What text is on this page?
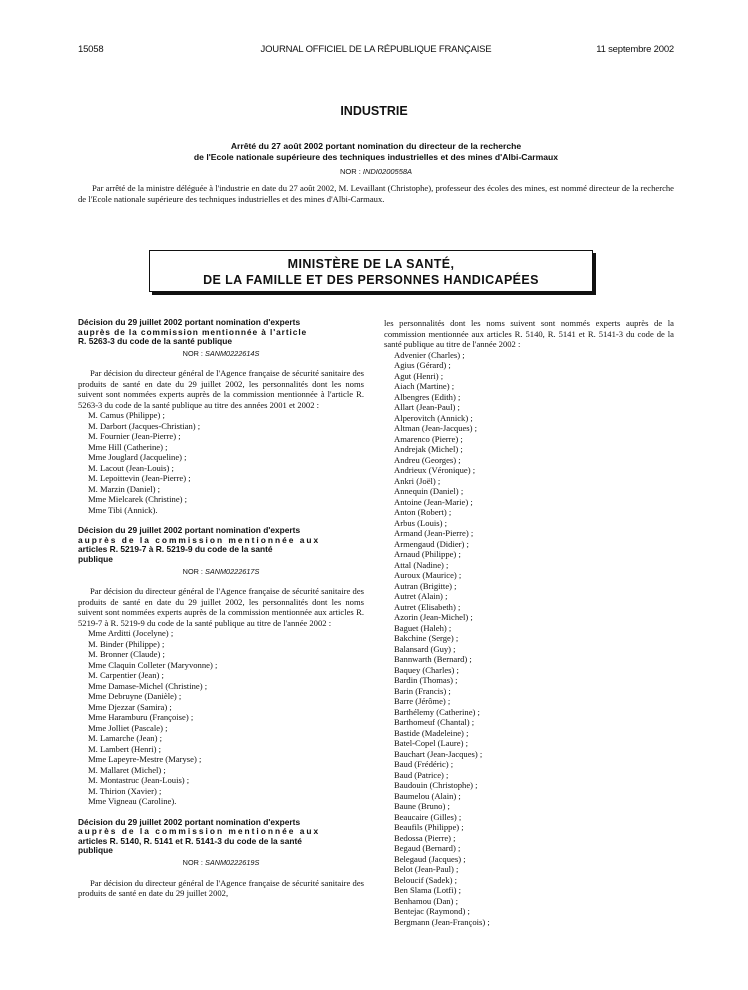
15058	JOURNAL OFFICIEL DE LA RÉPUBLIQUE FRANÇAISE	11 septembre 2002
INDUSTRIE
Arrêté du 27 août 2002 portant nomination du directeur de la recherche
de l'Ecole nationale supérieure des techniques industrielles et des mines d'Albi-Carmaux
NOR : INDI0200558A

Par arrêté de la ministre déléguée à l'industrie en date du 27 août 2002, M. Levaillant (Christophe), professeur des écoles des mines, est nommé directeur de la recherche de l'Ecole nationale supérieure des techniques industrielles et des mines d'Albi-Carmaux.

MINISTÈRE DE LA SANTÉ,
DE LA FAMILLE ET DES PERSONNES HANDICAPÉES
Décision du 29 juillet 2002 portant nomination d'experts
auprès de la commission mentionnée à l'article
R. 5263-3 du code de la santé publique
NOR : SANM0222614S

Par décision du directeur général de l'Agence française de sécurité sanitaire des produits de santé en date du 29 juillet 2002, les personnalités dont les noms suivent sont nommées experts auprès de la commission mentionnée à l'article R. 5263-3 du code de la santé publique au titre des années 2001 et 2002 :

M. Camus (Philippe) ;
M. Darbort (Jacques-Christian) ;
M. Fournier (Jean-Pierre) ;
Mme Hill (Catherine) ;
Mme Jouglard (Jacqueline) ;
M. Lacout (Jean-Louis) ;
M. Lepoittevin (Jean-Pierre) ;
M. Marzin (Daniel) ;
Mme Mielcarek (Christine) ;
Mme Tibi (Annick).
Décision du 29 juillet 2002 portant nomination d'experts
auprès de la commission mentionnée aux
articles R. 5219-7 à R. 5219-9 du code de la santé
publique
NOR : SANM0222617S

Par décision du directeur général de l'Agence française de sécurité sanitaire des produits de santé en date du 29 juillet 2002, les personnalités dont les noms suivent sont nommées experts auprès de la commission mentionnée aux articles R. 5219-7 à R. 5219-9 du code de la santé publique au titre de l'année 2002 :

Mme Arditti (Jocelyne) ;
M. Binder (Philippe) ;
M. Bronner (Claude) ;
Mme Claquin Colleter (Maryvonne) ;
M. Carpentier (Jean) ;
Mme Damase-Michel (Christine) ;
Mme Debruyne (Danièle) ;
Mme Djezzar (Samira) ;
Mme Haramburu (Françoise) ;
Mme Jolliet (Pascale) ;
M. Lamarche (Jean) ;
M. Lambert (Henri) ;
Mme Lapeyre-Mestre (Maryse) ;
M. Mallaret (Michel) ;
M. Montastruc (Jean-Louis) ;
M. Thirion (Xavier) ;
Mme Vigneau (Caroline).
Décision du 29 juillet 2002 portant nomination d'experts
auprès de la commission mentionnée aux
articles R. 5140, R. 5141 et R. 5141-3 du code de la santé
publique
NOR : SANM0222619S

Par décision du directeur général de l'Agence française de sécurité sanitaire des produits de santé en date du 29 juillet 2002,

les personnalités dont les noms suivent sont nommés experts auprès de la commission mentionnée aux articles R. 5140, R. 5141 et R. 5141-3 du code de la santé publique au titre de l'année 2002 :

Advenier (Charles) ;
Agius (Gérard) ;
Agut (Henri) ;
Aiach (Martine) ;
Albengres (Edith) ;
Allart (Jean-Paul) ;
Alperovitch (Annick) ;
Altman (Jean-Jacques) ;
Amarenco (Pierre) ;
Andrejak (Michel) ;
Andreu (Georges) ;
Andrieux (Véronique) ;
Ankri (Joël) ;
Annequin (Daniel) ;
Antoine (Jean-Marie) ;
Anton (Robert) ;
Arbus (Louis) ;
Armand (Jean-Pierre) ;
Armengaud (Didier) ;
Arnaud (Philippe) ;
Attal (Nadine) ;
Auroux (Maurice) ;
Autran (Brigitte) ;
Autret (Alain) ;
Autret (Elisabeth) ;
Azorin (Jean-Michel) ;
Baguet (Haleh) ;
Bakchine (Serge) ;
Balansard (Guy) ;
Bannwarth (Bernard) ;
Baquey (Charles) ;
Bardin (Thomas) ;
Barin (Francis) ;
Barre (Jérôme) ;
Barthélemy (Catherine) ;
Barthomeuf (Chantal) ;
Bastide (Madeleine) ;
Batel-Copel (Laure) ;
Bauchart (Jean-Jacques) ;
Baud (Frédéric) ;
Baud (Patrice) ;
Baudouin (Christophe) ;
Baumelou (Alain) ;
Baune (Bruno) ;
Beaucaire (Gilles) ;
Beaufils (Philippe) ;
Bedossa (Pierre) ;
Begaud (Bernard) ;
Belegaud (Jacques) ;
Belot (Jean-Paul) ;
Beloucif (Sadek) ;
Ben Slama (Lotfi) ;
Benhamou (Dan) ;
Bentejac (Raymond) ;
Bergmann (Jean-François) ;
